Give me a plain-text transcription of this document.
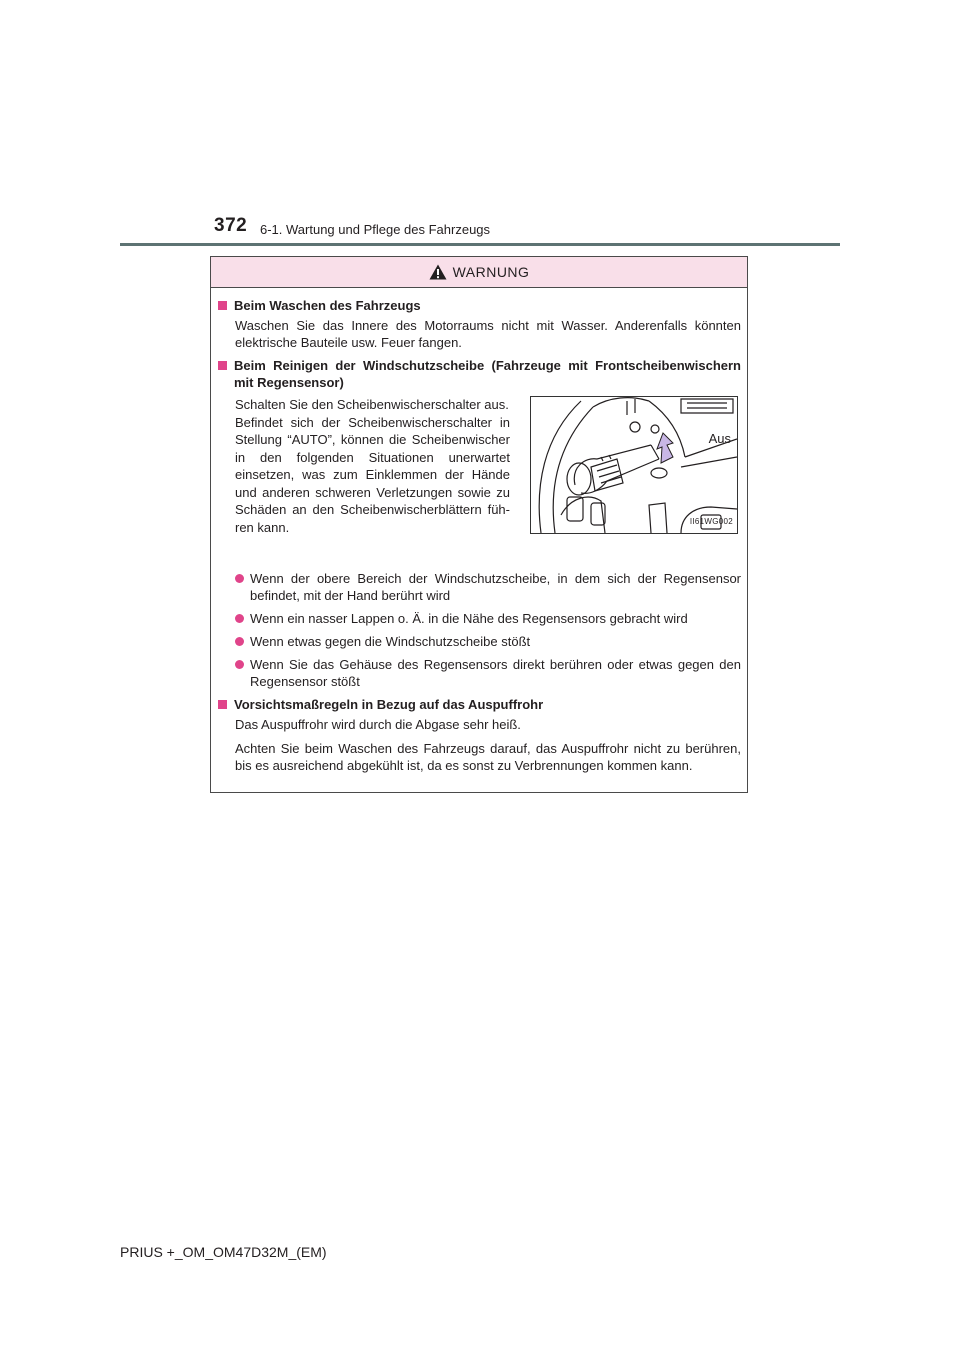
372 6-1. Wartung und Pflege des Fahrzeugs
WARNUNG
Beim Waschen des Fahrzeugs
Waschen Sie das Innere des Motorraums nicht mit Wasser. Anderenfalls könnten elektrische Bauteile usw. Feuer fangen.
Beim Reinigen der Windschutzscheibe (Fahrzeuge mit Frontscheibenwischern mit Regensensor)
Schalten Sie den Scheibenwischerschalter aus.
Befindet sich der Scheibenwischerschalter in Stellung “AUTO”, können die Scheibenwischer in den folgenden Situationen unerwartet einsetzen, was zum Einklemmen der Hände und anderen schweren Verletzungen sowie zu Schäden an den Scheibenwischerblättern führen kann.
Aus
II61WG002
Wenn der obere Bereich der Windschutzscheibe, in dem sich der Regensensor befindet, mit der Hand berührt wird
Wenn ein nasser Lappen o. Ä. in die Nähe des Regensensors gebracht wird
Wenn etwas gegen die Windschutzscheibe stößt
Wenn Sie das Gehäuse des Regensensors direkt berühren oder etwas gegen den Regensensor stößt
Vorsichtsmaßregeln in Bezug auf das Auspuffrohr
Das Auspuffrohr wird durch die Abgase sehr heiß.
Achten Sie beim Waschen des Fahrzeugs darauf, das Auspuffrohr nicht zu berühren, bis es ausreichend abgekühlt ist, da es sonst zu Verbrennungen kommen kann.
PRIUS +_OM_OM47D32M_(EM)
